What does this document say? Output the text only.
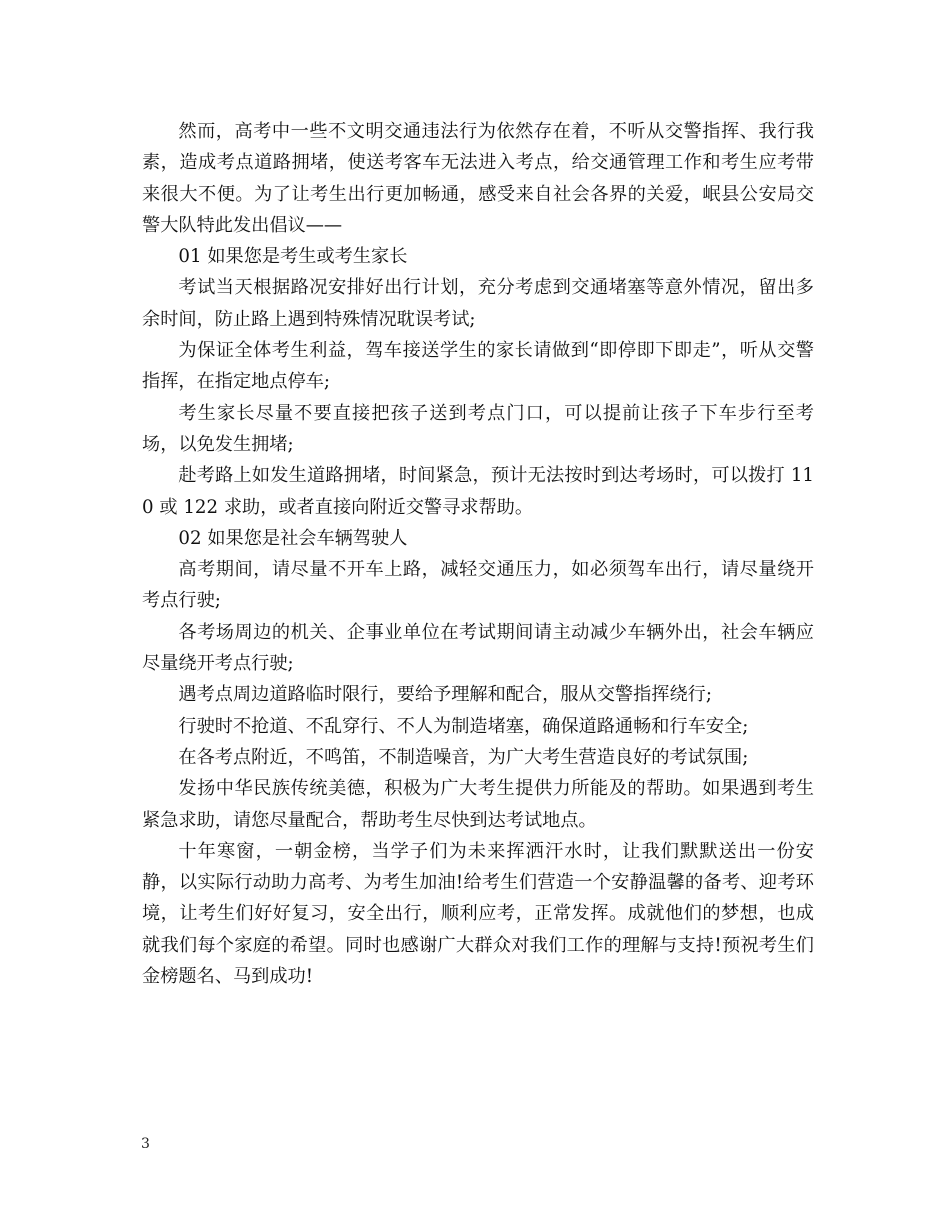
然而，高考中一些不文明交通违法行为依然存在着，不听从交警指挥、我行我素，造成考点道路拥堵，使送考客车无法进入考点，给交通管理工作和考生应考带来很大不便。为了让考生出行更加畅通，感受来自社会各界的关爱，岷县公安局交警大队特此发出倡议——

01 如果您是考生或考生家长

考试当天根据路况安排好出行计划，充分考虑到交通堵塞等意外情况，留出多余时间，防止路上遇到特殊情况耽误考试;

为保证全体考生利益，驾车接送学生的家长请做到“即停即下即走”，听从交警指挥，在指定地点停车;

考生家长尽量不要直接把孩子送到考点门口，可以提前让孩子下车步行至考场，以免发生拥堵;

赴考路上如发生道路拥堵，时间紧急，预计无法按时到达考场时，可以拨打 110 或 122 求助，或者直接向附近交警寻求帮助。

02 如果您是社会车辆驾驶人

高考期间，请尽量不开车上路，减轻交通压力，如必须驾车出行，请尽量绕开考点行驶;

各考场周边的机关、企事业单位在考试期间请主动减少车辆外出，社会车辆应尽量绕开考点行驶;

遇考点周边道路临时限行，要给予理解和配合，服从交警指挥绕行;

行驶时不抢道、不乱穿行、不人为制造堵塞，确保道路通畅和行车安全;

在各考点附近，不鸣笛，不制造噪音，为广大考生营造良好的考试氛围;

发扬中华民族传统美德，积极为广大考生提供力所能及的帮助。如果遇到考生紧急求助，请您尽量配合，帮助考生尽快到达考试地点。

十年寒窗，一朝金榜，当学子们为未来挥洒汗水时，让我们默默送出一份安静，以实际行动助力高考、为考生加油!给考生们营造一个安静温馨的备考、迎考环境，让考生们好好复习，安全出行，顺利应考，正常发挥。成就他们的梦想，也成就我们每个家庭的希望。同时也感谢广大群众对我们工作的理解与支持!预祝考生们金榜题名、马到成功!

3
